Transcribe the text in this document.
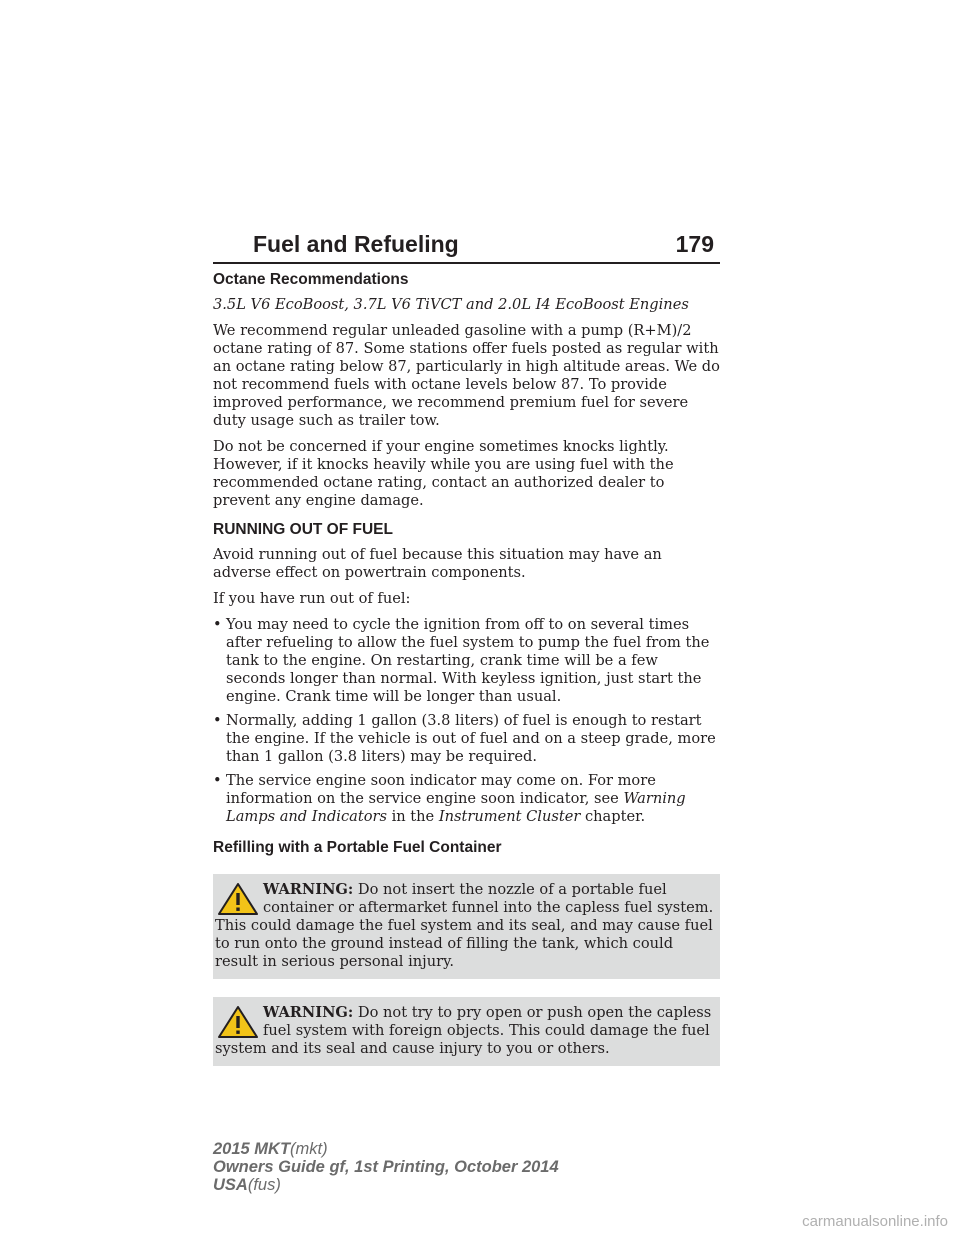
Fuel and Refueling	179
Octane Recommendations

3.5L V6 EcoBoost, 3.7L V6 TiVCT and 2.0L I4 EcoBoost Engines

We recommend regular unleaded gasoline with a pump (R+M)/2 octane rating of 87. Some stations offer fuels posted as regular with an octane rating below 87, particularly in high altitude areas. We do not recommend fuels with octane levels below 87. To provide improved performance, we recommend premium fuel for severe duty usage such as trailer tow.

Do not be concerned if your engine sometimes knocks lightly. However, if it knocks heavily while you are using fuel with the recommended octane rating, contact an authorized dealer to prevent any engine damage.

RUNNING OUT OF FUEL

Avoid running out of fuel because this situation may have an adverse effect on powertrain components.

If you have run out of fuel:

• You may need to cycle the ignition from off to on several times after refueling to allow the fuel system to pump the fuel from the tank to the engine. On restarting, crank time will be a few seconds longer than normal. With keyless ignition, just start the engine. Crank time will be longer than usual.
• Normally, adding 1 gallon (3.8 liters) of fuel is enough to restart the engine. If the vehicle is out of fuel and on a steep grade, more than 1 gallon (3.8 liters) may be required.
• The service engine soon indicator may come on. For more information on the service engine soon indicator, see Warning Lamps and Indicators in the Instrument Cluster chapter.
Refilling with a Portable Fuel Container
WARNING: Do not insert the nozzle of a portable fuel container or aftermarket funnel into the capless fuel system. This could damage the fuel system and its seal, and may cause fuel to run onto the ground instead of filling the tank, which could result in serious personal injury.
WARNING: Do not try to pry open or push open the capless fuel system with foreign objects. This could damage the fuel system and its seal and cause injury to you or others.
2015 MKT(mkt)
Owners Guide gf, 1st Printing, October 2014
USA(fus)
carmanualsonline.info
